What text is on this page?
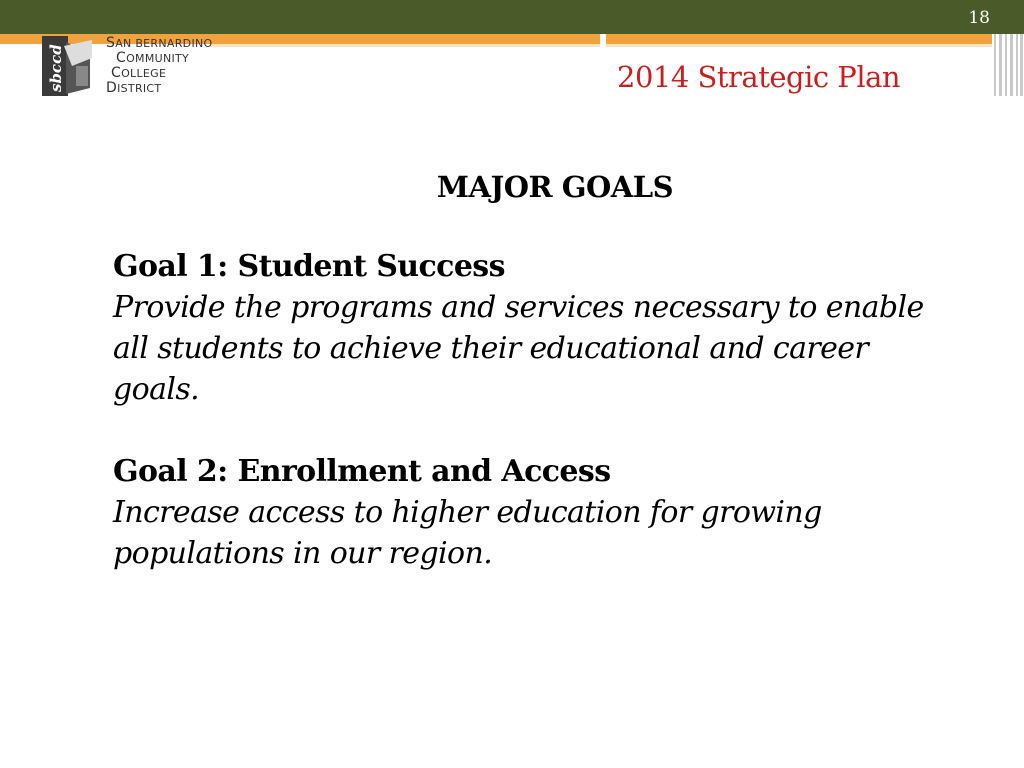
18
sbccd
SAN BERNARDINO
COMMUNITY
COLLEGE
DISTRICT	2014 Strategic Plan
MAJOR GOALS
Goal 1: Student Success
Provide the programs and services necessary to enable all students to achieve their educational and career goals.
Goal 2: Enrollment and Access
Increase access to higher education for growing populations in our region.
